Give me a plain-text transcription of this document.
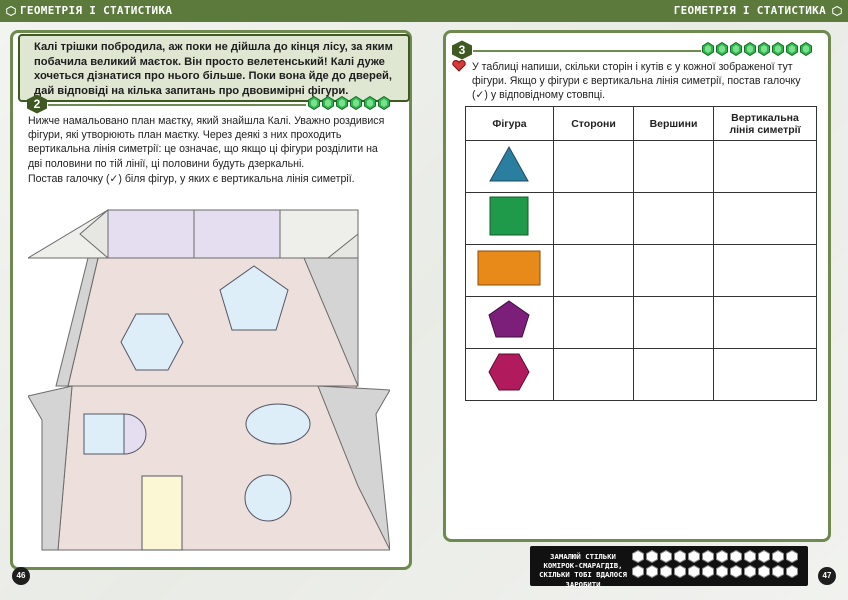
ГЕОМЕТРІЯ І СТАТИСТИКА	ГЕОМЕТРІЯ І СТАТИСТИКА
Калі трішки побродила, аж поки не дійшла до кінця лісу, за яким побачила великий маєток. Він просто велетенський! Калі дуже хочеться дізнатися про нього більше. Поки вона йде до дверей, дай відповіді на кілька запитань про двовимірні фігури.
2
Нижче намальовано план маєтку, який знайшла Калі. Уважно роздивися фігури, які утворюють план маєтку. Через деякі з них проходить вертикальна лінія симетрії: це означає, що якщо ці фігури розділити на дві половини по тій лінії, ці половини будуть дзеркальні.
Постав галочку (✓) біля фігур, у яких є вертикальна лінія симетрії.
46
3
У таблиці напиши, скільки сторін і кутів є у кожної зображеної тут фігури. Якщо у фігури є вертикальна лінія симетрії, постав галочку (✓) у відповідному стовпці.
Фігура	Сторони	Вершини	Вертикальна лінія симетрії

ЗАМАЛЮЙ СТІЛЬКИ КОМІРОК-СМАРАГДІВ, СКІЛЬКИ ТОБІ ВДАЛОСЯ ЗАРОБИТИ
47
